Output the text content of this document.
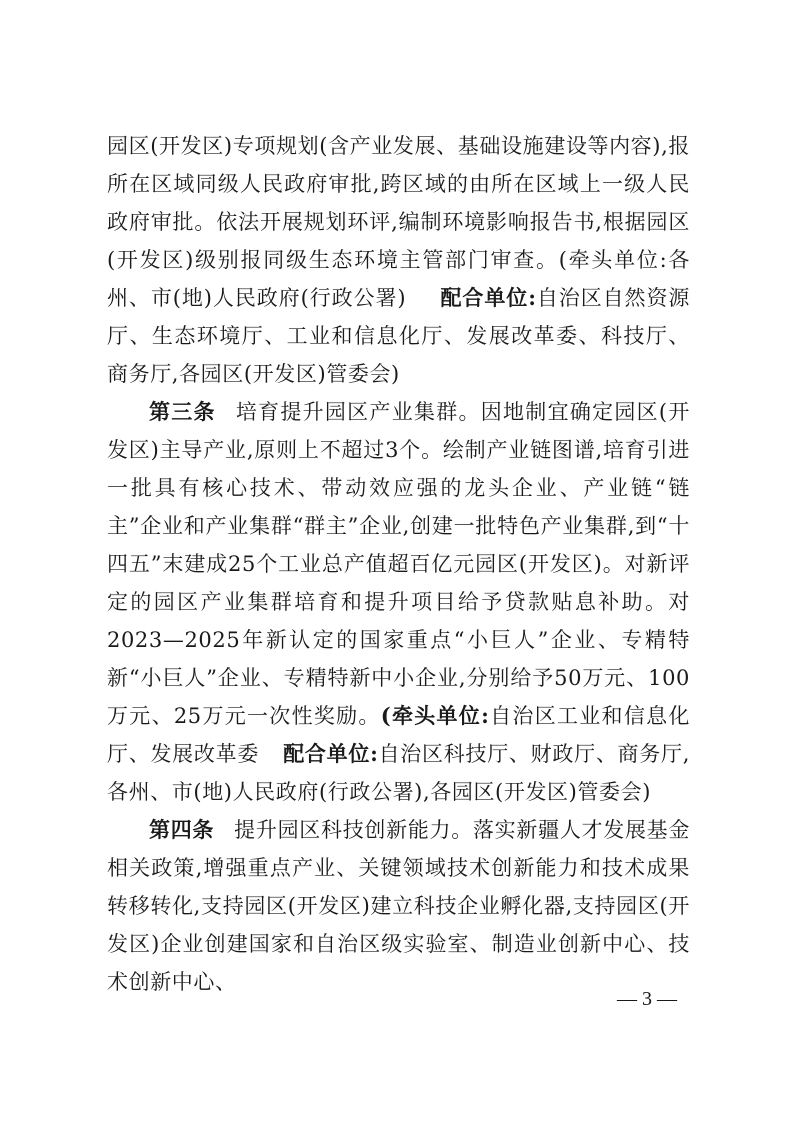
园区(开发区)专项规划(含产业发展、基础设施建设等内容),报所在区域同级人民政府审批,跨区域的由所在区域上一级人民政府审批。依法开展规划环评,编制环境影响报告书,根据园区(开发区)级别报同级生态环境主管部门审查。(牵头单位:各州、市(地)人民政府(行政公署) 配合单位:自治区自然资源厅、生态环境厅、工业和信息化厅、发展改革委、科技厅、商务厅,各园区(开发区)管委会)

第三条 培育提升园区产业集群。因地制宜确定园区(开发区)主导产业,原则上不超过3个。绘制产业链图谱,培育引进一批具有核心技术、带动效应强的龙头企业、产业链“链主”企业和产业集群“群主”企业,创建一批特色产业集群,到“十四五”末建成25个工业总产值超百亿元园区(开发区)。对新评定的园区产业集群培育和提升项目给予贷款贴息补助。对2023—2025年新认定的国家重点“小巨人”企业、专精特新“小巨人”企业、专精特新中小企业,分别给予50万元、100万元、25万元一次性奖励。(牵头单位:自治区工业和信息化厅、发展改革委 配合单位:自治区科技厅、财政厅、商务厅,各州、市(地)人民政府(行政公署),各园区(开发区)管委会)

第四条 提升园区科技创新能力。落实新疆人才发展基金相关政策,增强重点产业、关键领域技术创新能力和技术成果转移转化,支持园区(开发区)建立科技企业孵化器,支持园区(开发区)企业创建国家和自治区级实验室、制造业创新中心、技术创新中心、

— 3 —
